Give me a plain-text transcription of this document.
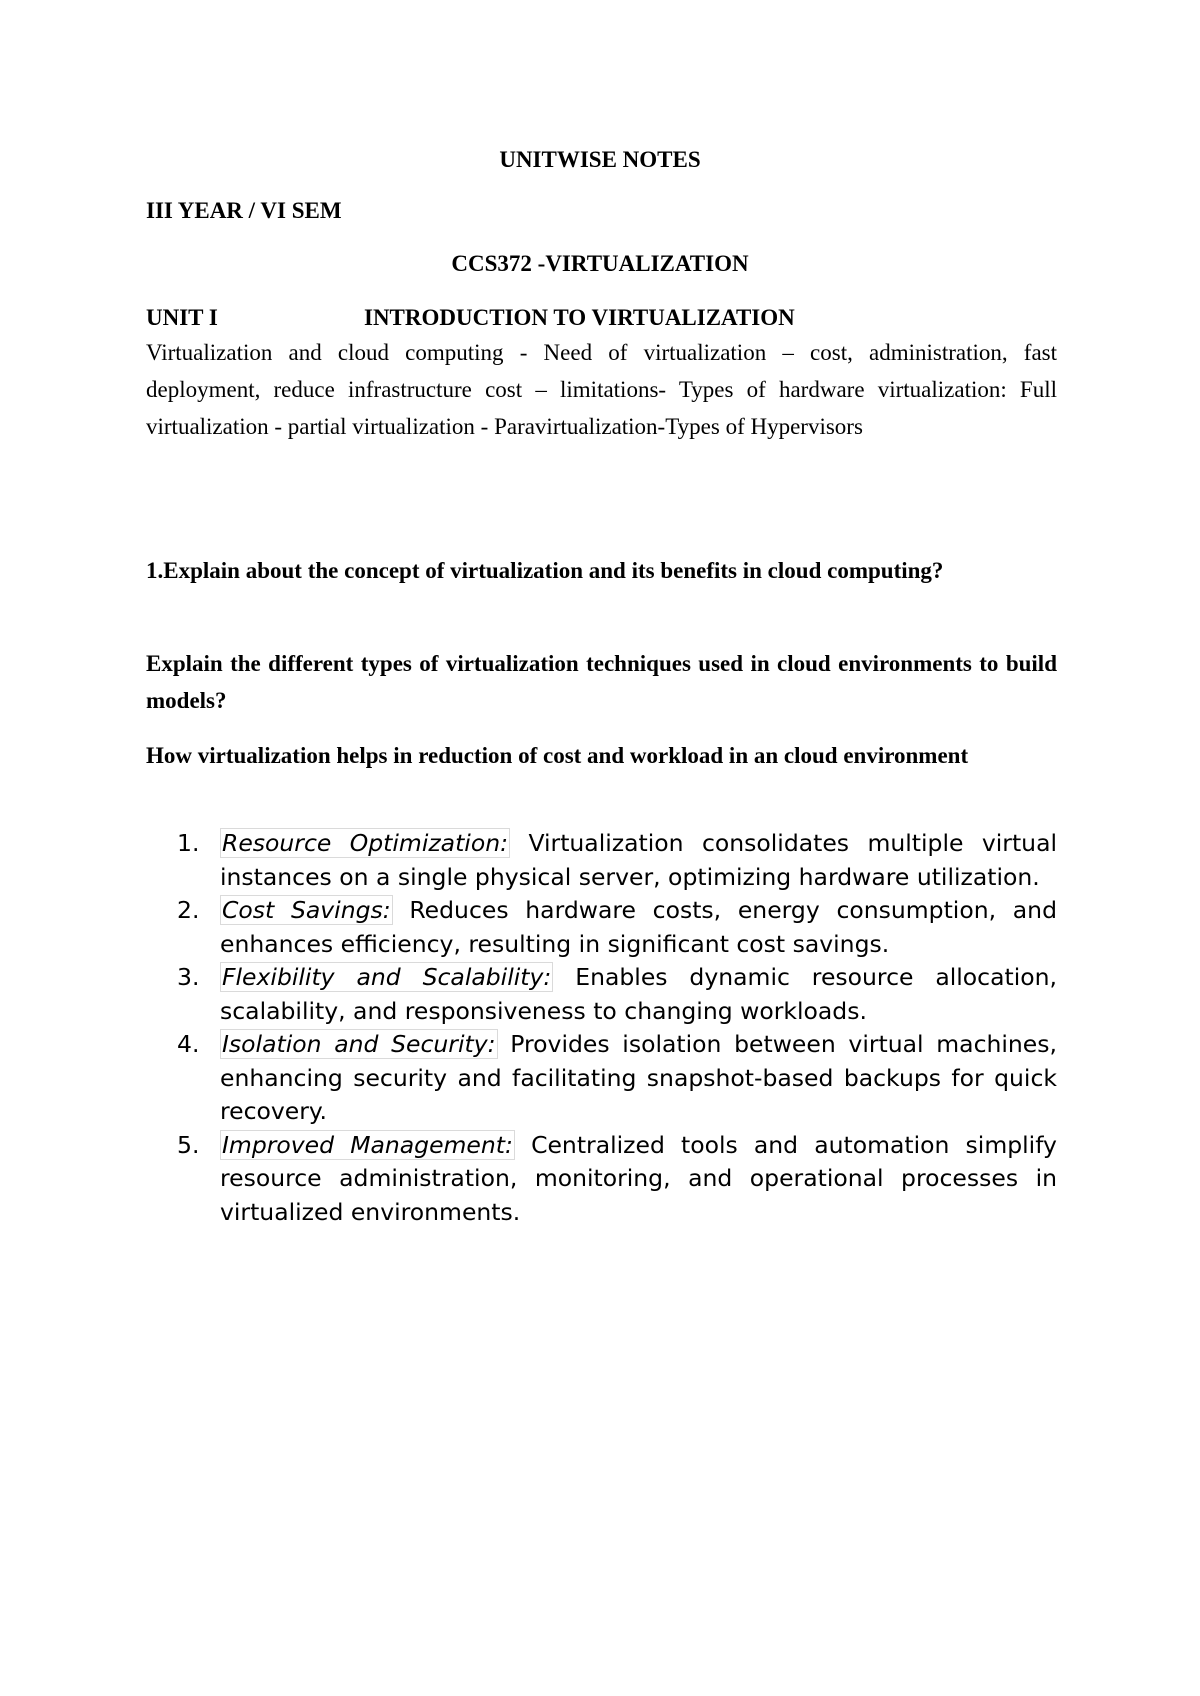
UNITWISE NOTES
III YEAR / VI SEM
CCS372 -VIRTUALIZATION
UNIT I	INTRODUCTION TO VIRTUALIZATION
Virtualization and cloud computing - Need of virtualization – cost, administration, fast deployment, reduce infrastructure cost – limitations- Types of hardware virtualization: Full virtualization - partial virtualization - Paravirtualization-Types of Hypervisors
1.Explain about the concept of virtualization and its benefits in cloud computing?
Explain the different types of virtualization techniques used in cloud environments to build models?
How virtualization helps in reduction of cost and workload in an cloud environment
1. Resource Optimization: Virtualization consolidates multiple virtual instances on a single physical server, optimizing hardware utilization.
2. Cost Savings: Reduces hardware costs, energy consumption, and enhances efficiency, resulting in significant cost savings.
3. Flexibility and Scalability: Enables dynamic resource allocation, scalability, and responsiveness to changing workloads.
4. Isolation and Security: Provides isolation between virtual machines, enhancing security and facilitating snapshot-based backups for quick recovery.
5. Improved Management: Centralized tools and automation simplify resource administration, monitoring, and operational processes in virtualized environments.
